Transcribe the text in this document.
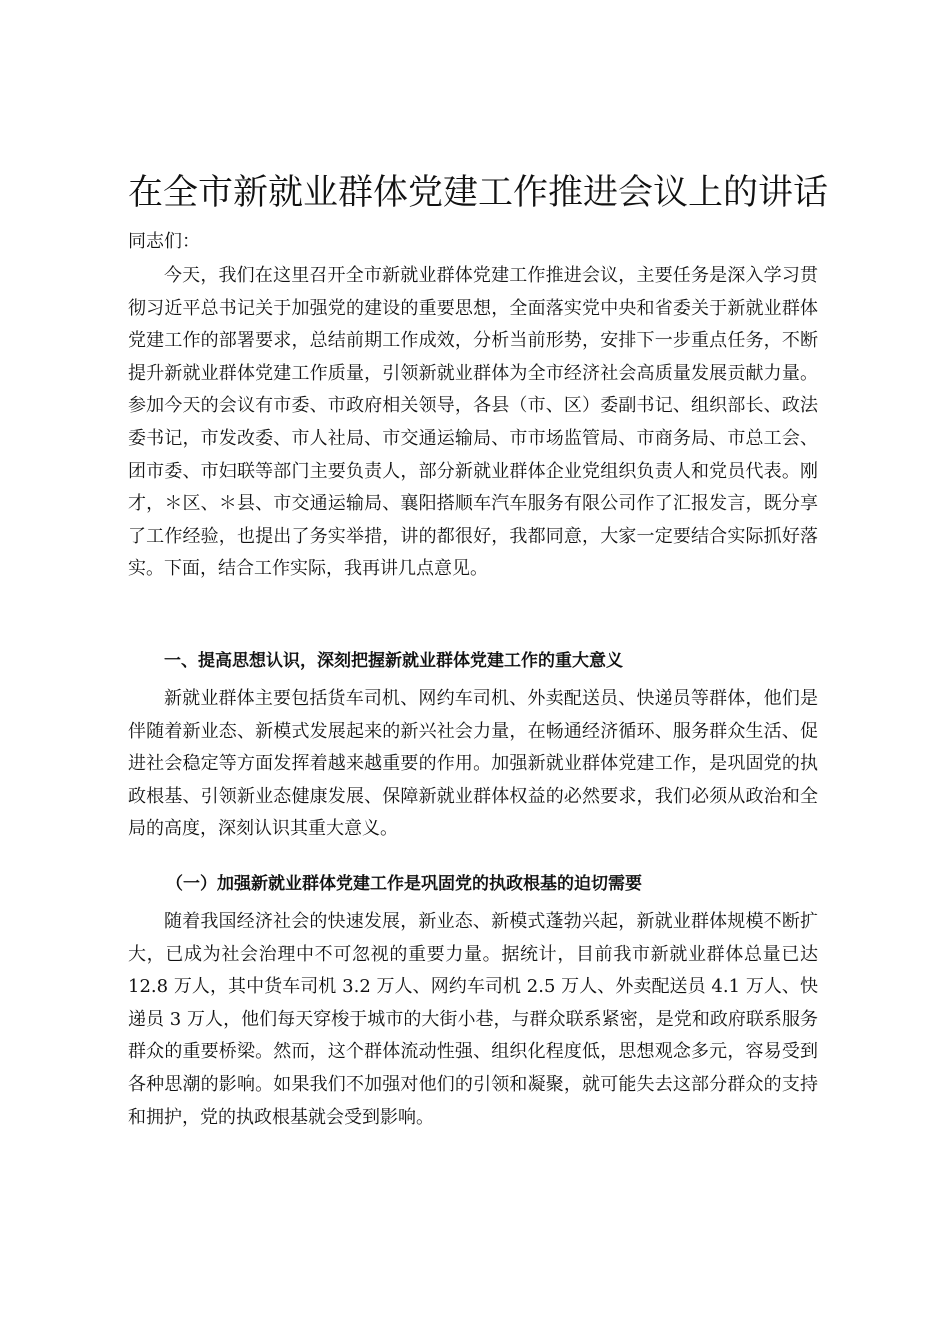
在全市新就业群体党建工作推进会议上的讲话

同志们：

今天，我们在这里召开全市新就业群体党建工作推进会议，主要任务是深入学习贯彻习近平总书记关于加强党的建设的重要思想，全面落实党中央和省委关于新就业群体党建工作的部署要求，总结前期工作成效，分析当前形势，安排下一步重点任务，不断提升新就业群体党建工作质量，引领新就业群体为全市经济社会高质量发展贡献力量。参加今天的会议有市委、市政府相关领导，各县（市、区）委副书记、组织部长、政法委书记，市发改委、市人社局、市交通运输局、市市场监管局、市商务局、市总工会、团市委、市妇联等部门主要负责人，部分新就业群体企业党组织负责人和党员代表。刚才，＊区、＊县、市交通运输局、襄阳搭顺车汽车服务有限公司作了汇报发言，既分享了工作经验，也提出了务实举措，讲的都很好，我都同意，大家一定要结合实际抓好落实。下面，结合工作实际，我再讲几点意见。

一、提高思想认识，深刻把握新就业群体党建工作的重大意义

新就业群体主要包括货车司机、网约车司机、外卖配送员、快递员等群体，他们是伴随着新业态、新模式发展起来的新兴社会力量，在畅通经济循环、服务群众生活、促进社会稳定等方面发挥着越来越重要的作用。加强新就业群体党建工作，是巩固党的执政根基、引领新业态健康发展、保障新就业群体权益的必然要求，我们必须从政治和全局的高度，深刻认识其重大意义。

（一）加强新就业群体党建工作是巩固党的执政根基的迫切需要

随着我国经济社会的快速发展，新业态、新模式蓬勃兴起，新就业群体规模不断扩大，已成为社会治理中不可忽视的重要力量。据统计，目前我市新就业群体总量已达 12.8 万人，其中货车司机 3.2 万人、网约车司机 2.5 万人、外卖配送员 4.1 万人、快递员 3 万人，他们每天穿梭于城市的大街小巷，与群众联系紧密，是党和政府联系服务群众的重要桥梁。然而，这个群体流动性强、组织化程度低，思想观念多元，容易受到各种思潮的影响。如果我们不加强对他们的引领和凝聚，就可能失去这部分群众的支持和拥护，党的执政根基就会受到影响。
